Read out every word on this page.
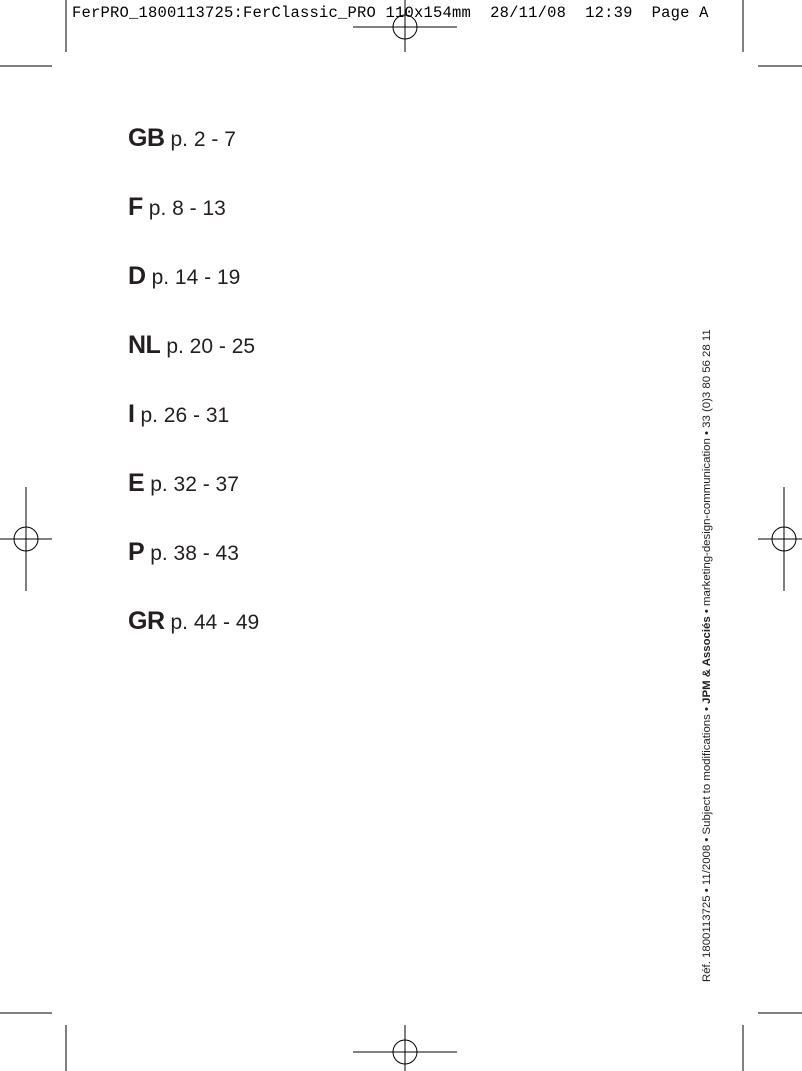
FerPRO_1800113725:FerClassic_PRO 110x154mm  28/11/08  12:39  Page A
GB p. 2 - 7
F p. 8 - 13
D p. 14 - 19
NL p. 20 - 25
I p. 26 - 31
E p. 32 - 37
P p. 38 - 43
GR p. 44 - 49
Réf. 1800113725 • 11/2008 • Subject to modifications • JPM & Associés • marketing-design-communication • 33 (0)3 80 56 28 11
